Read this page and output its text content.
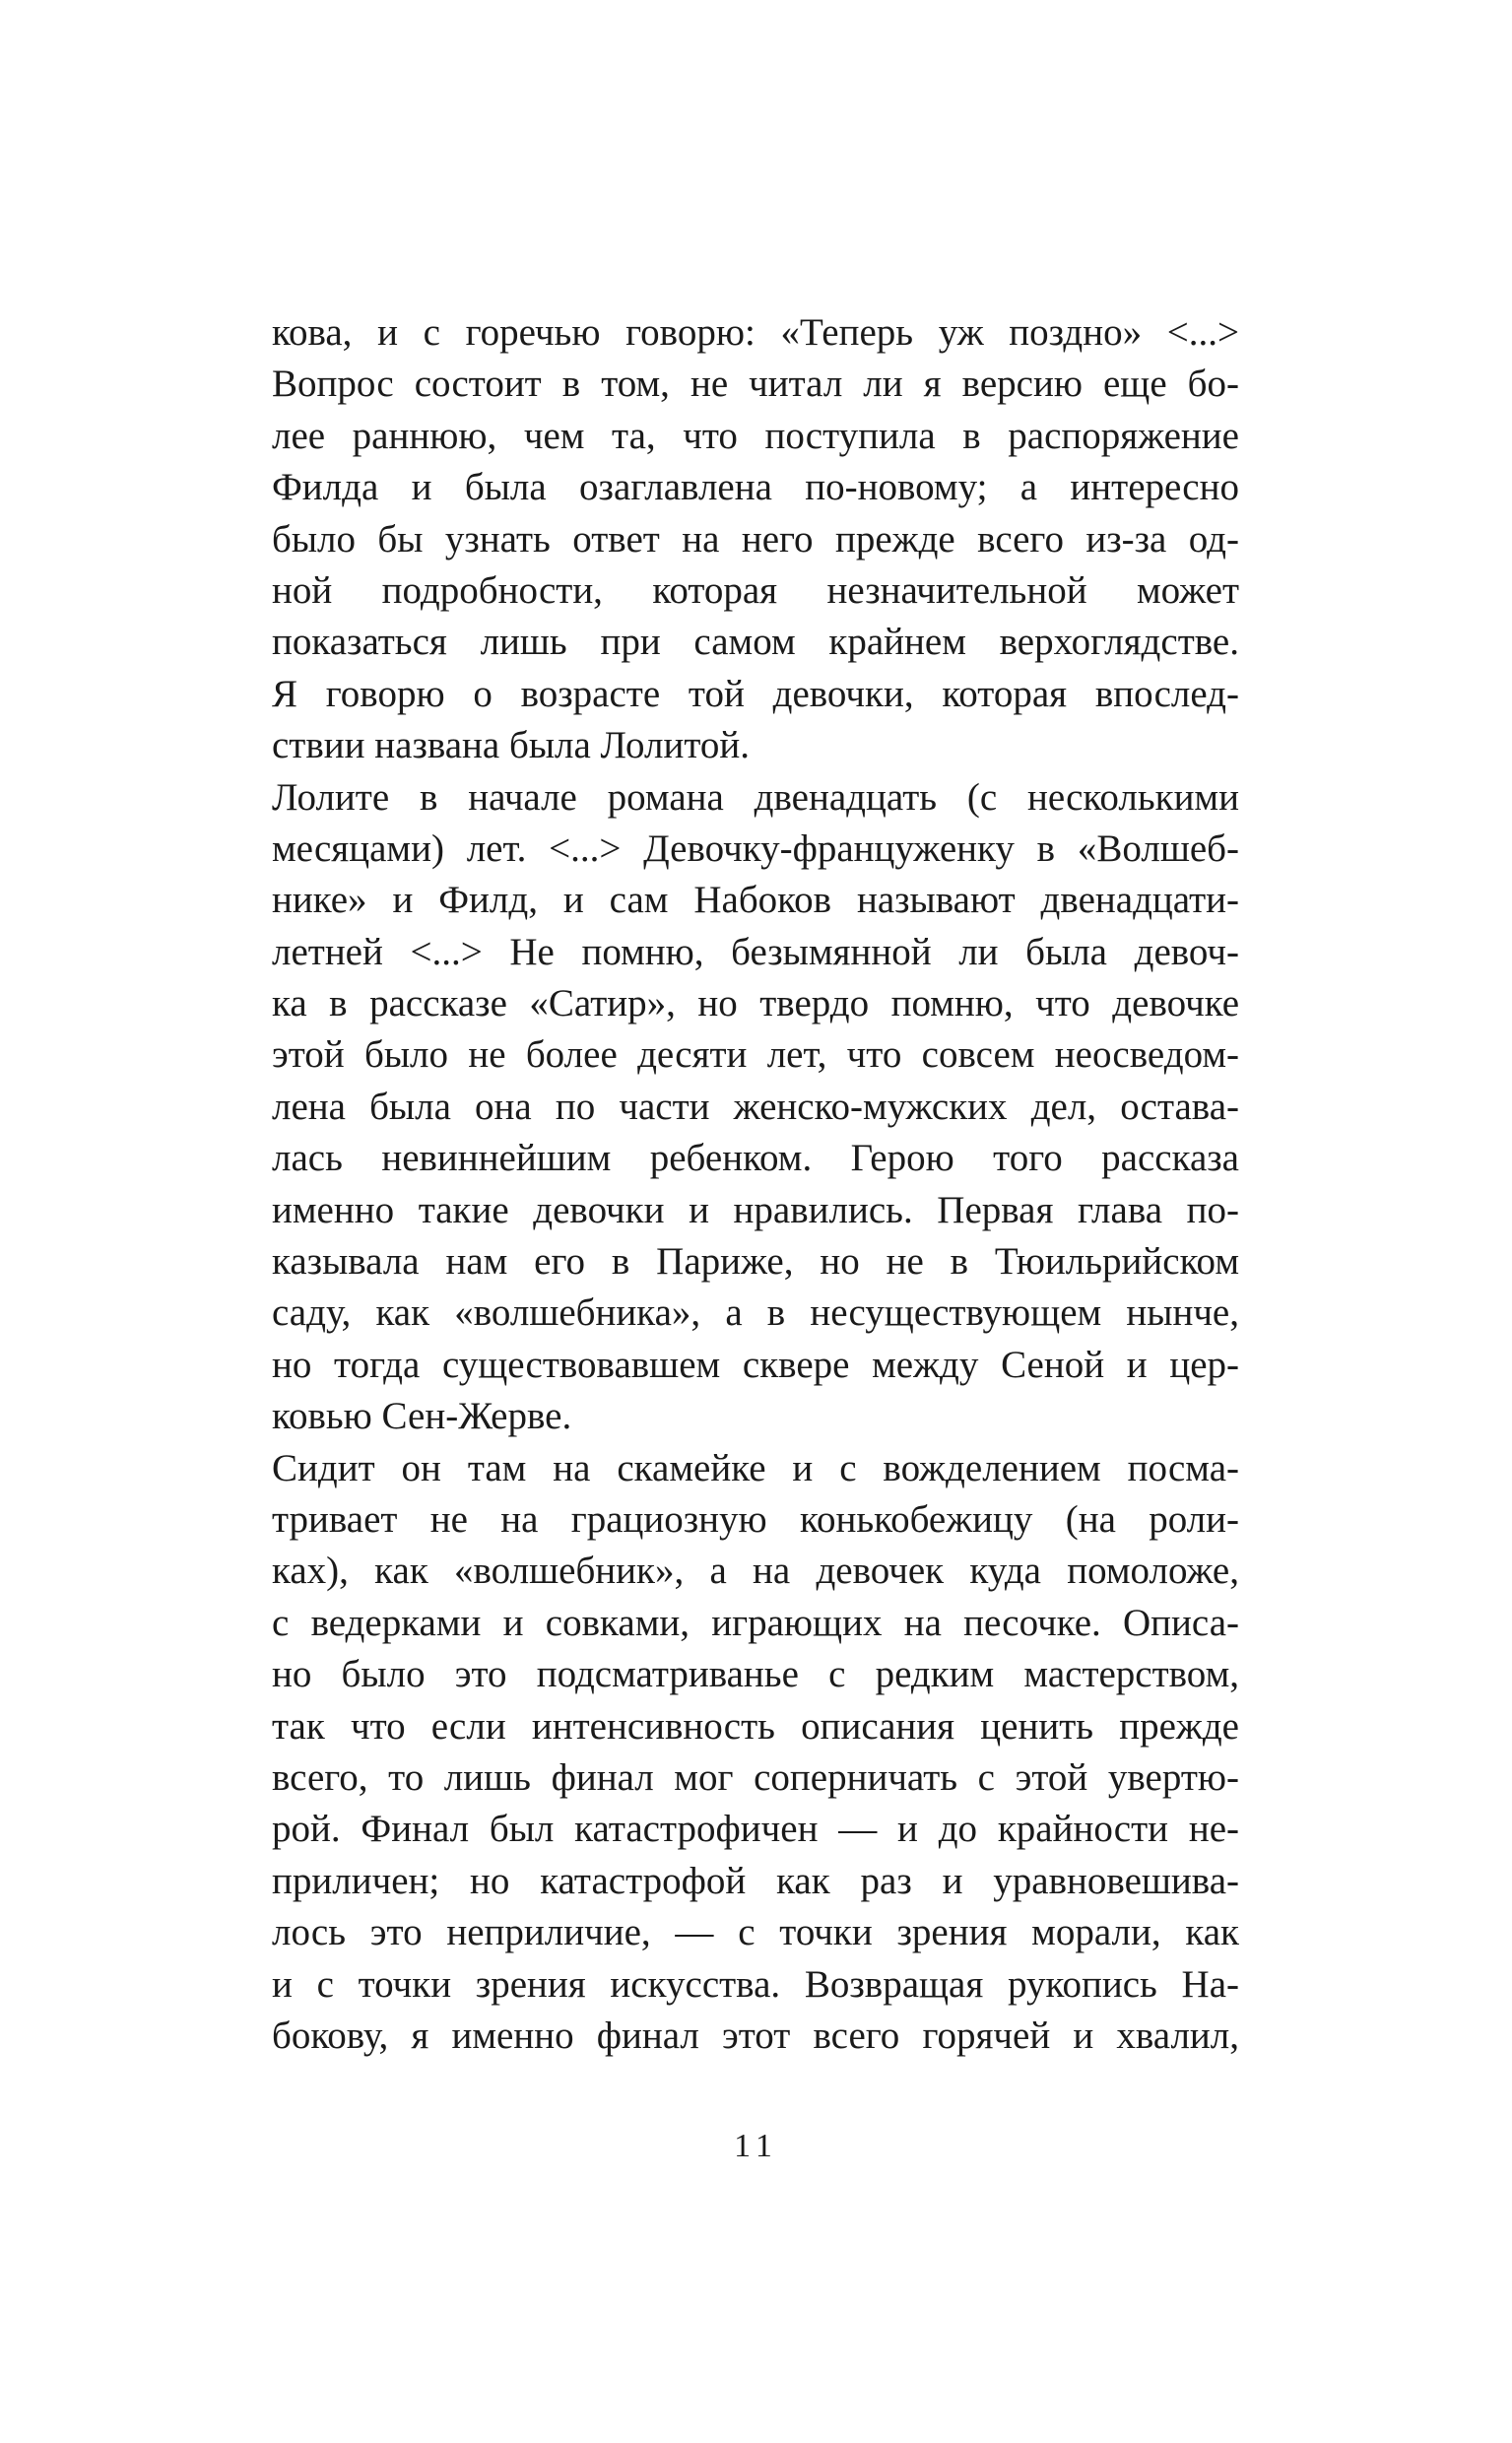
кова, и с горечью говорю: «Теперь уж поздно» <...>
Вопрос состоит в том, не читал ли я версию еще бо-
лее раннюю, чем та, что поступила в распоряжение
Филда и была озаглавлена по-новому; а интересно
было бы узнать ответ на него прежде всего из-за од-
ной подробности, которая незначительной может
показаться лишь при самом крайнем верхоглядстве.
Я говорю о возрасте той девочки, которая впослед-
ствии названа была Лолитой.
Лолите в начале романа двенадцать (с несколькими
месяцами) лет. <...> Девочку-француженку в «Волшеб-
нике» и Филд, и сам Набоков называют двенадцати-
летней <...> Не помню, безымянной ли была девоч-
ка в рассказе «Сатир», но твердо помню, что девочке
этой было не более десяти лет, что совсем неосведом-
лена была она по части женско-мужских дел, остава-
лась невиннейшим ребенком. Герою того рассказа
именно такие девочки и нравились. Первая глава по-
казывала нам его в Париже, но не в Тюильрийском
саду, как «волшебника», а в несуществующем нынче,
но тогда существовавшем сквере между Сеной и цер-
ковью Сен-Жерве.
Сидит он там на скамейке и с вожделением посма-
тривает не на грациозную конькобежицу (на роли-
ках), как «волшебник», а на девочек куда помоложе,
с ведерками и совками, играющих на песочке. Описа-
но было это подсматриванье с редким мастерством,
так что если интенсивность описания ценить прежде
всего, то лишь финал мог соперничать с этой увертю-
рой. Финал был катастрофичен — и до крайности не-
приличен; но катастрофой как раз и уравновешива-
лось это неприличие, — с точки зрения морали, как
и с точки зрения искусства. Возвращая рукопись На-
бокову, я именно финал этот всего горячей и хвалил,
11
